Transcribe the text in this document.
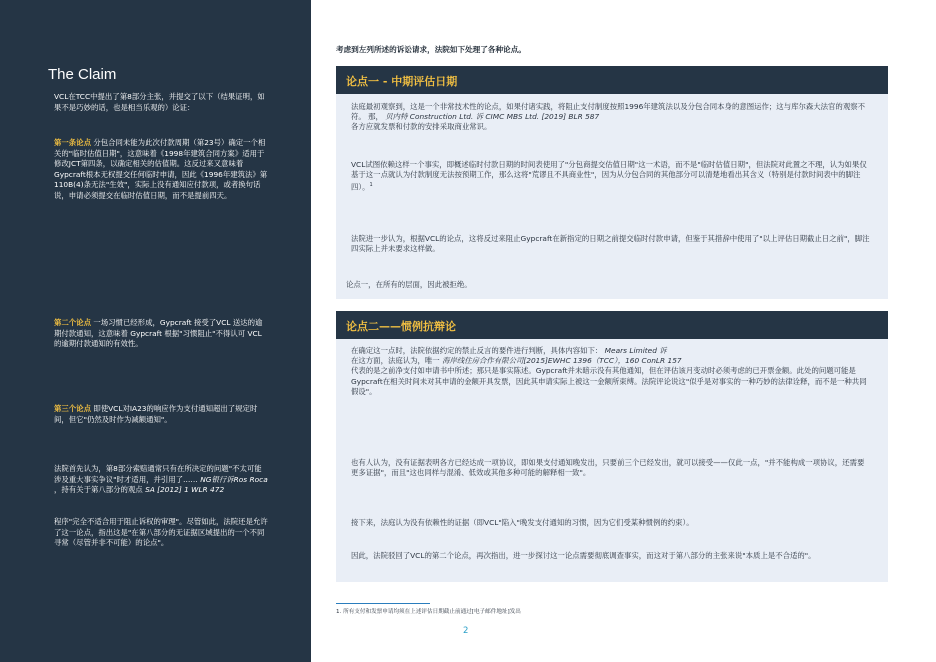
The Claim
VCL在TCC中提出了第8部分主张，并提交了以下（结果证明，如果不是巧妙的话，也是相当乐观的）论证：
第一条论点 分包合同未能为此次付款周期（第23号）确定一个相关的"临时估值日期"，这意味着《1998年建筑合同方案》适用于修改JCT第四条，以确定相关的估值期。这反过来又意味着Gypcraft根本无权提交任何临时申请，因此《1996年建筑法》第110B(4)条无法"生效"，实际上没有通知应付款项，或者换句话说，申请必须提交在临时估值日期，而不是提前四天。
第二个论点 一场习惯已经形成，Gypcraft 接受了VCL 送达的逾期付款通知，这意味着 Gypcraft 根据"习惯阻止"不得认可 VCL 的逾期付款通知的有效性。
第三个论点 即使VCL对IA23的响应作为支付通知超出了规定时间，但它"仍然及时作为减额通知"。
法院首先认为，第8部分索赔通常只有在所决定的问题"不太可能涉及重大事实争议"时才适用，并引用了…… NG银行诉Ros Roca ，持有关于第八部分的观点 SA [2012] 1 WLR 472
程序"完全不适合用于阻止诉权的审理"。尽管如此，法院还是允许了这一论点，指出这是"在第八部分的无证据区域提出的一个不同寻常（尽管并非不可能）的论点"。
考虑到左列所述的诉讼请求，法院如下处理了各种论点。
论点一 - 中期评估日期
法庭最初观察到，这是一个非常技术性的论点，如果付诸实践，将阻止支付制度按照1996年建筑法以及分包合同本身的意图运作；这与库尔森大法官的观察不符。 那， 贝内特 Construction Ltd. 诉 CIMC MBS Ltd. [2019] BLR 587
各方应就发票和付款的安排采取商业常识。
VCL试图依赖这样一个事实，即概述临时付款日期的时间表使用了"分包商提交估值日期"这一术语，而不是"临时估值日期"，但法院对此置之不理，认为如果仅基于这一点就认为付款制度无法按预期工作，那么这将"荒谬且不具商业性"，因为从分包合同的其他部分可以清楚地看出其含义（特别是付款时间表中的脚注四）。$^1$
法院进一步认为，根据VCL的论点，这将反过来阻止Gypcraft在新指定的日期之前提交临时付款申请，但鉴于其措辞中使用了"以上评估日期截止日之前"，脚注四实际上并未要求这样做。
论点一，在所有的层面，因此被拒绝。
论点二——惯例抗辩论
在确定这一点时，法院依据约定的禁止反言的要件进行判断，具体内容如下： Mears Limited 诉
在这方面，法庭认为，唯一 海岸线住房合作有限公司[2015]EWHC 1396（TCC），160 ConLR 157
代表的是之前净支付如申请书中所述；那只是事实陈述。Gypcraft并未暗示没有其他通知，但在评估该月变动时必须考虑的已开票金额。此处的问题可能是Gypcraft在相关时间未对其申请的金额开具发票，因此其申请实际上被这一金额所束缚。法院评论说这"似乎是对事实的一种巧妙的法律诠释，而不是一种共同假设"。
也有人认为，没有证据表明各方已经达成一项协议，即如果支付通知晚发出，只要前三个已经发出，就可以接受——仅此一点，"并不能构成一项协议，还需要更多证据"，而且"这也同样与混淆、低效或其他多种可能的解释相一致"。
接下来，法庭认为没有依赖性的证据（即VCL"陷入"晚发支付通知的习惯，因为它们受某种惯例的约束）。
因此，法院驳回了VCL的第二个论点，再次指出，进一步探讨这一论点需要彻底调查事实，而这对于第八部分的主张来说"本质上是不合适的"。
1. 所有支付和发票申请均须在上述评估日期截止前通过[电子邮件地址]发出
2
